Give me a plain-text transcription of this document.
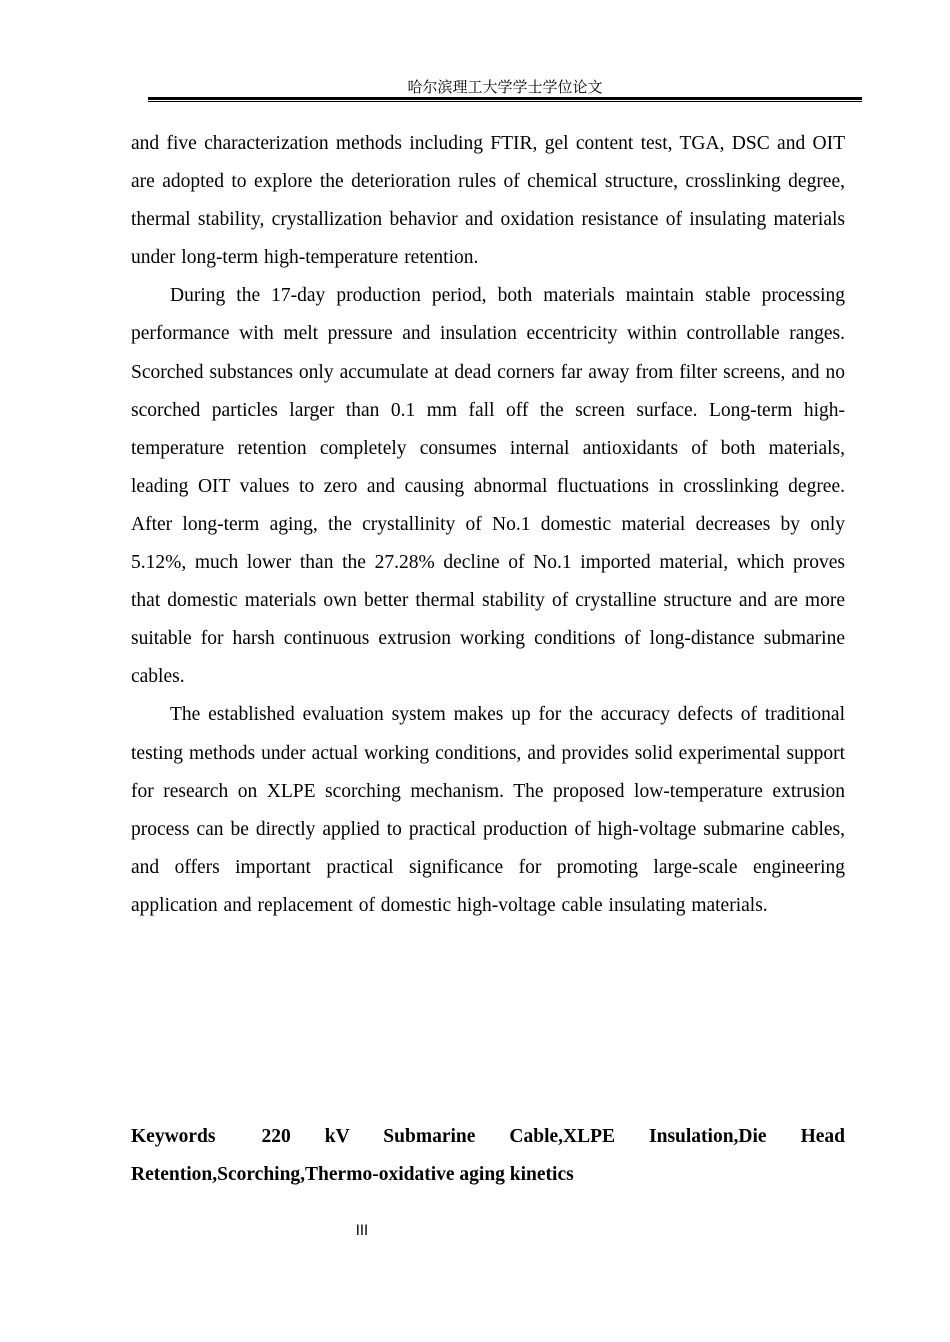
哈尔滨理工大学学士学位论文

and five characterization methods including FTIR, gel content test, TGA, DSC and OIT are adopted to explore the deterioration rules of chemical structure, crosslinking degree, thermal stability, crystallization behavior and oxidation resistance of insulating materials under long-term high-temperature retention.

During the 17-day production period, both materials maintain stable processing performance with melt pressure and insulation eccentricity within controllable ranges. Scorched substances only accumulate at dead corners far away from filter screens, and no scorched particles larger than 0.1 mm fall off the screen surface. Long-term high-temperature retention completely consumes internal antioxidants of both materials, leading OIT values to zero and causing abnormal fluctuations in crosslinking degree. After long-term aging, the crystallinity of No.1 domestic material decreases by only 5.12%, much lower than the 27.28% decline of No.1 imported material, which proves that domestic materials own better thermal stability of crystalline structure and are more suitable for harsh continuous extrusion working conditions of long-distance submarine cables.

The established evaluation system makes up for the accuracy defects of traditional testing methods under actual working conditions, and provides solid experimental support for research on XLPE scorching mechanism. The proposed low-temperature extrusion process can be directly applied to practical production of high-voltage submarine cables, and offers important practical significance for promoting large-scale engineering application and replacement of domestic high-voltage cable insulating materials.

Keywords 220 kV Submarine Cable,XLPE Insulation,Die Head Retention,Scorching,Thermo-oxidative aging kinetics

III
